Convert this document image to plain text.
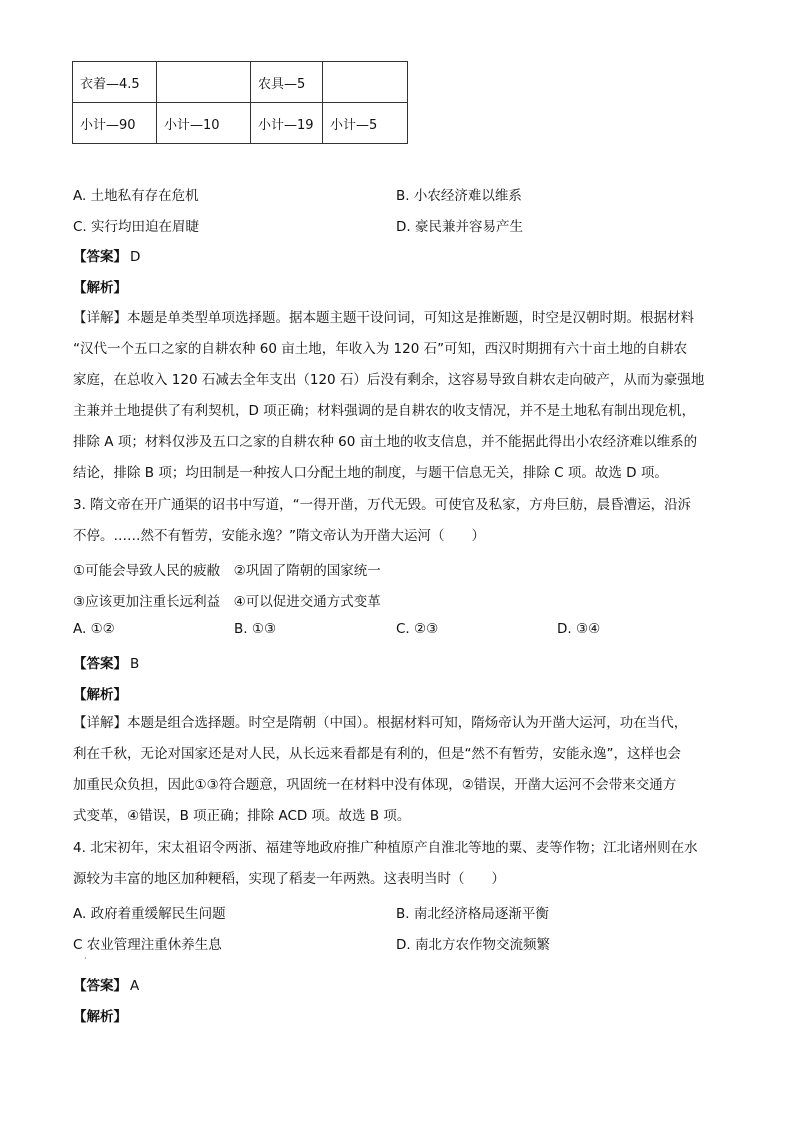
衣着—4.5		农具—5	
小计—90	小计—10	小计—19	小计—5
A. 土地私有存在危机	B. 小农经济难以维系
C. 实行均田迫在眉睫	D. 豪民兼并容易产生
【答案】 D
【解析】
【详解】本题是单类型单项选择题。据本题主题干设问词，可知这是推断题，时空是汉朝时期。根据材料
“汉代一个五口之家的自耕农种 60 亩土地，年收入为 120 石”可知，西汉时期拥有六十亩土地的自耕农
家庭，在总收入 120 石减去全年支出（120 石）后没有剩余，这容易导致自耕农走向破产，从而为豪强地
主兼并土地提供了有利契机，D 项正确；材料强调的是自耕农的收支情况，并不是土地私有制出现危机，
排除 A 项；材料仅涉及五口之家的自耕农种 60 亩土地的收支信息，并不能据此得出小农经济难以维系的
结论，排除 B 项；均田制是一种按人口分配土地的制度，与题干信息无关，排除 C 项。故选 D 项。
3. 隋文帝在开广通渠的诏书中写道，“一得开凿，万代无毁。可使官及私家，方舟巨舫，晨昏漕运，沿泝
不停。……然不有暂劳，安能永逸？”隋文帝认为开凿大运河（　　）
①可能会导致人民的疲敝　②巩固了隋朝的国家统一
③应该更加注重长远利益　④可以促进交通方式变革
A. ①②	B. ①③	C. ②③	D. ③④
【答案】 B
【解析】
【详解】本题是组合选择题。时空是隋朝（中国）。根据材料可知，隋炀帝认为开凿大运河，功在当代，
利在千秋，无论对国家还是对人民，从长远来看都是有利的，但是“然不有暂劳，安能永逸”，这样也会
加重民众负担，因此①③符合题意，巩固统一在材料中没有体现，②错误，开凿大运河不会带来交通方
式变革，④错误，B 项正确；排除 ACD 项。故选 B 项。
4. 北宋初年，宋太祖诏令两浙、福建等地政府推广种植原产自淮北等地的粟、麦等作物；江北诸州则在水
源较为丰富的地区加种粳稻，实现了稻麦一年两熟。这表明当时（　　）
A. 政府着重缓解民生问题	B. 南北经济格局逐渐平衡
C 农业管理注重休养生息	D. 南北方农作物交流频繁
·
【答案】 A
【解析】
